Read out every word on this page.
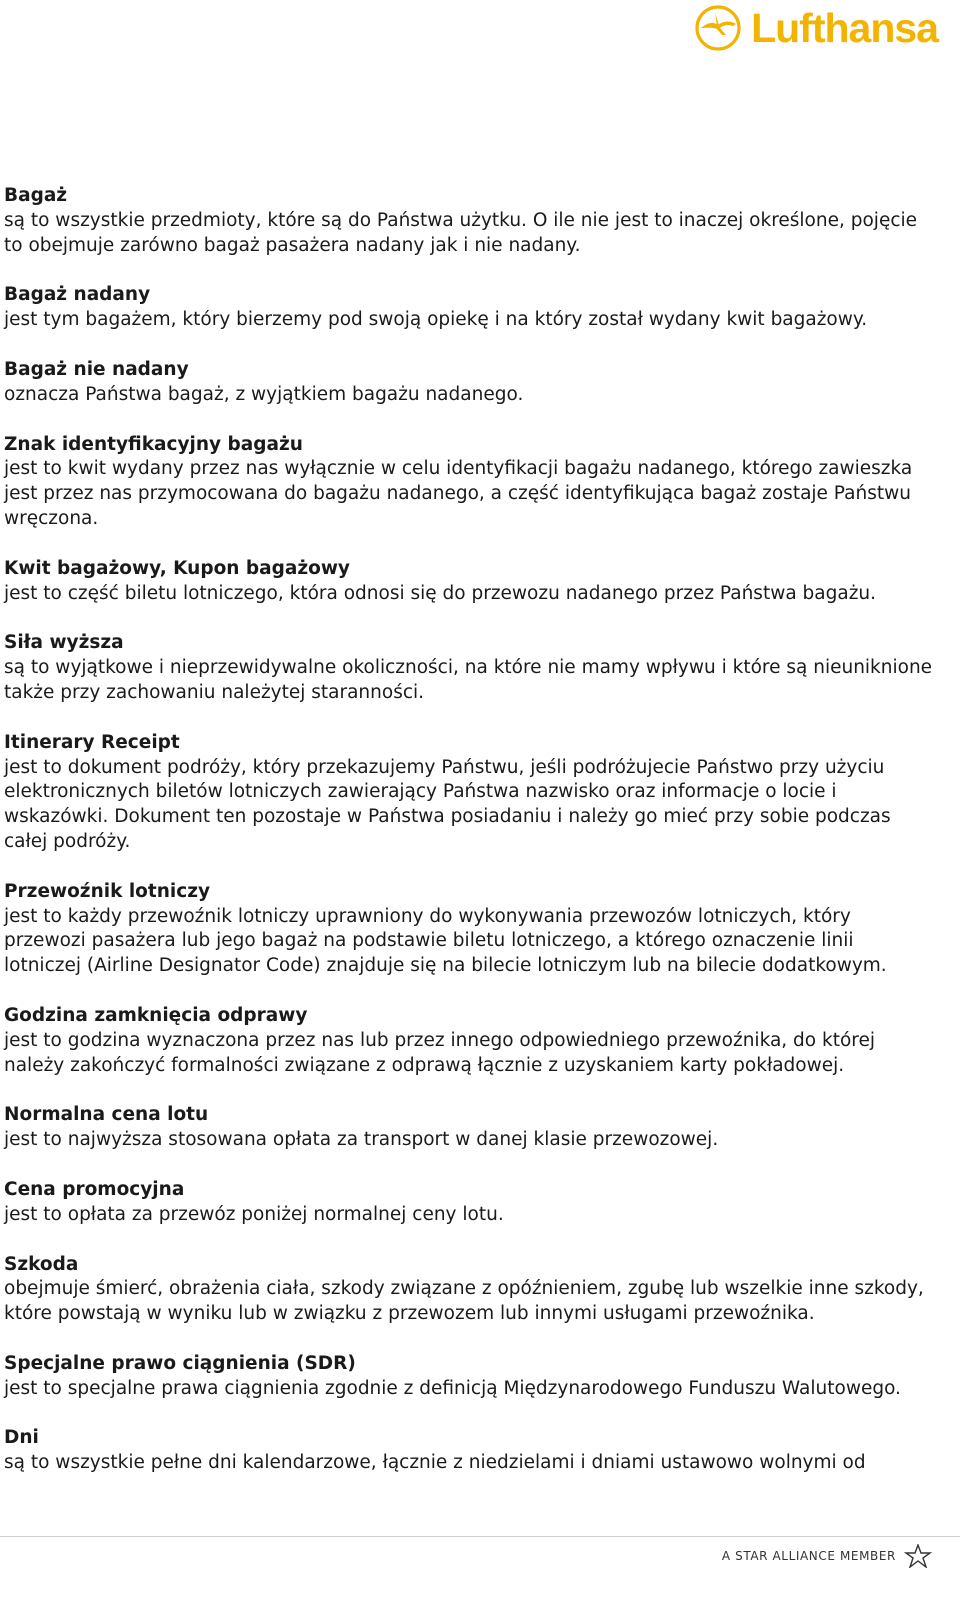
Lufthansa

Bagaż

są to wszystkie przedmioty, które są do Państwa użytku. O ile nie jest to inaczej określone, pojęcie to obejmuje zarówno bagaż pasażera nadany jak i nie nadany.

Bagaż nadany

jest tym bagażem, który bierzemy pod swoją opiekę i na który został wydany kwit bagażowy.

Bagaż nie nadany

oznacza Państwa bagaż, z wyjątkiem bagażu nadanego.

Znak identyfikacyjny bagażu

jest to kwit wydany przez nas wyłącznie w celu identyfikacji bagażu nadanego, którego zawieszka jest przez nas przymocowana do bagażu nadanego, a część identyfikująca bagaż zostaje Państwu wręczona.

Kwit bagażowy, Kupon bagażowy

jest to część biletu lotniczego, która odnosi się do przewozu nadanego przez Państwa bagażu.

Siła wyższa

są to wyjątkowe i nieprzewidywalne okoliczności, na które nie mamy wpływu i które są nieuniknione także przy zachowaniu należytej staranności.

Itinerary Receipt

jest to dokument podróży, który przekazujemy Państwu, jeśli podróżujecie Państwo przy użyciu elektronicznych biletów lotniczych zawierający Państwa nazwisko oraz informacje o locie i wskazówki. Dokument ten pozostaje w Państwa posiadaniu i należy go mieć przy sobie podczas całej podróży.

Przewoźnik lotniczy

jest to każdy przewoźnik lotniczy uprawniony do wykonywania przewozów lotniczych, który przewozi pasażera lub jego bagaż na podstawie biletu lotniczego, a którego oznaczenie linii lotniczej (Airline Designator Code) znajduje się na bilecie lotniczym lub na bilecie dodatkowym.

Godzina zamknięcia odprawy

jest to godzina wyznaczona przez nas lub przez innego odpowiedniego przewoźnika, do której należy zakończyć formalności związane z odprawą łącznie z uzyskaniem karty pokładowej.

Normalna cena lotu

jest to najwyższa stosowana opłata za transport w danej klasie przewozowej.

Cena promocyjna

jest to opłata za przewóz poniżej normalnej ceny lotu.

Szkoda

obejmuje śmierć, obrażenia ciała, szkody związane z opóźnieniem, zgubę lub wszelkie inne szkody, które powstają w wyniku lub w związku z przewozem lub innymi usługami przewoźnika.

Specjalne prawo ciągnienia (SDR)

jest to specjalne prawa ciągnienia zgodnie z definicją Międzynarodowego Funduszu Walutowego.

Dni

są to wszystkie pełne dni kalendarzowe, łącznie z niedzielami i dniami ustawowo wolnymi od

A STAR ALLIANCE MEMBER
